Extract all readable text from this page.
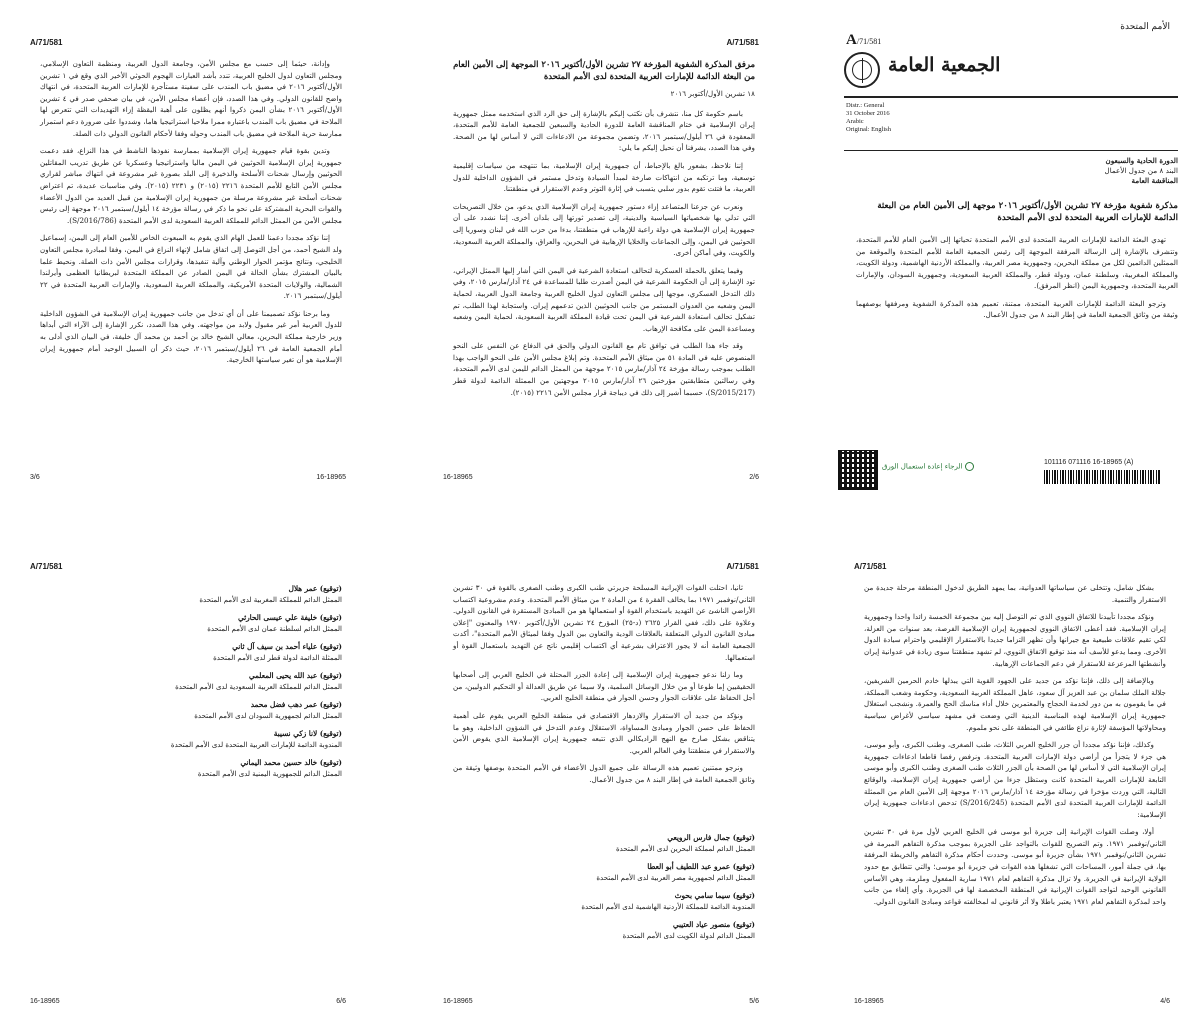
A/71/581

وإدانة، حيثما إلى حسب مع مجلس الأمن، وجامعة الدول العربية، ومنظمة التعاون الإسلامي، ومجلس التعاون لدول الخليج العربية، تندد بأشد العبارات الهجوم الحوثي الأخير الذي وقع في ١ تشرين الأول/أكتوبر ٢٠١٦ في مضيق باب المندب على سفينة مستأجرة للإمارات العربية المتحدة، في انتهاك واضح للقانون الدولي. وفي هذا الصدد، فإن أعضاء مجلس الأمن، في بيان صحفي صدر في ٤ تشرين الأول/أكتوبر ٢٠١٦ بشأن اليمن ذكروا أنهم يظلون على أهبة اليقظة إزاء التهديدات التي تتعرض لها الملاحة في مضيق باب المندب باعتباره ممرا ملاحيا استراتيجيا هاما، وشددوا على ضرورة دعم استمرار ممارسة حرية الملاحة في مضيق باب المندب وحوله وفقا لأحكام القانون الدولي ذات الصلة.

وتدين بقوة قيام جمهورية إيران الإسلامية بممارسة نفوذها الناشط في هذا النزاع، فقد دعمت جمهورية إيران الإسلامية الحوثيين في اليمن ماليا واستراتيجيا وعسكريا عن طريق تدريب المقاتلين الحوثيين وإرسال شحنات الأسلحة والذخيرة إلى البلد بصورة غير مشروعة في انتهاك مباشر لقراري مجلس الأمن التابع للأمم المتحدة ٢٢١٦ (٢٠١٥) و ٢٢٣١ (٢٠١٥). وفي مناسبات عديدة، تم اعتراض شحنات أسلحة غير مشروعة مرسلة من جمهورية إيران الإسلامية من قبيل العديد من الدول الأعضاء والقوات البحرية المشتركة على نحو ما ذكر في رسالة مؤرخة ١٤ أيلول/سبتمبر ٢٠١٦ موجهة إلى رئيس مجلس الأمن من الممثل الدائم للمملكة العربية السعودية لدى الأمم المتحدة (S/2016/786).

إننا نؤكد مجددا دعمنا للعمل الهام الذي يقوم به المبعوث الخاص للأمين العام إلى اليمن، إسماعيل ولد الشيخ أحمد، من أجل التوصل إلى اتفاق شامل لإنهاء النزاع في اليمن، وفقا لمبادرة مجلس التعاون الخليجي، ونتائج مؤتمر الحوار الوطني وآلية تنفيذها، وقرارات مجلس الأمن ذات الصلة. ونحيط علما بالبيان المشترك بشأن الحالة في اليمن الصادر عن المملكة المتحدة لبريطانيا العظمى وأيرلندا الشمالية، والولايات المتحدة الأمريكية، والمملكة العربية السعودية، والإمارات العربية المتحدة في ٢٢ أيلول/سبتمبر ٢٠١٦.

وما برحنا نؤكد تصميمنا على أن أي تدخل من جانب جمهورية إيران الإسلامية في الشؤون الداخلية للدول العربية أمر غير مقبول ولابد من مواجهته. وفي هذا الصدد، نكرر الإشارة إلى الآراء التي أبداها وزير خارجية مملكة البحرين، معالي الشيخ خالد بن أحمد بن محمد آل خليفة، في البيان الذي أدلى به أمام الجمعية العامة في ٢٦ أيلول/سبتمبر ٢٠١٦، حيث ذكر أن السبيل الوحيد أمام جمهورية إيران الإسلامية هو أن تغير سياستها الخارجية.

3/6	16-18965
A/71/581
مرفق المذكرة الشفوية المؤرخة ٢٧ تشرين الأول/أكتوبر ٢٠١٦ الموجهة إلى الأمين العام من البعثة الدائمة للإمارات العربية المتحدة لدى الأمم المتحدة
١٨ تشرين الأول/أكتوبر ٢٠١٦

باسم حكومة كل منا، نتشرف بأن نكتب إليكم بالإشارة إلى حق الرد الذي استخدمه ممثل جمهورية إيران الإسلامية في ختام المناقشة العامة للدورة الحادية والسبعين للجمعية العامة للأمم المتحدة، المعقودة في ٢٦ أيلول/سبتمبر ٢٠١٦، وتضمن مجموعة من الادعاءات التي لا أساس لها من الصحة. وفي هذا الصدد، يشرفنا أن نحيل إليكم ما يلي:

إننا نلاحظ، بشعور بالغ بالإحباط، أن جمهورية إيران الإسلامية، بما تنتهجه من سياسات إقليمية توسعية، وما ترتكبه من انتهاكات صارخة لمبدأ السيادة وتدخل مستمر في الشؤون الداخلية للدول العربية، ما فتئت تقوم بدور سلبي يتسبب في إثارة التوتر وعدم الاستقرار في منطقتنا.

ونعرب عن جزعنا المتصاعد إزاء دستور جمهورية إيران الإسلامية الذي يدعو، من خلال التصريحات التي تدلي بها شخصياتها السياسية والدينية، إلى تصدير ثورتها إلى بلدان أخرى. إننا نشدد على أن جمهورية إيران الإسلامية هي دولة راعية للإرهاب في منطقتنا، بدءا من حزب الله في لبنان وسوريا إلى الحوثيين في اليمن، وإلى الجماعات والخلايا الإرهابية في البحرين، والعراق، والمملكة العربية السعودية، والكويت، وفي أماكن أخرى.

وفيما يتعلق بالحملة العسكرية لتحالف استعادة الشرعية في اليمن التي أشار إليها الممثل الإيراني، تود الإشارة إلى أن الحكومة الشرعية في اليمن أصدرت طلبا للمساعدة في ٢٤ آذار/مارس ٢٠١٥، وفي ذلك التدخل العسكري، موجها إلى مجلس التعاون لدول الخليج العربية وجامعة الدول العربية، لحماية اليمن وشعبه من العدوان المستمر من جانب الحوثيين الذين تدعمهم إيران. واستجابة لهذا الطلب، تم تشكيل تحالف استعادة الشرعية في اليمن تحت قيادة المملكة العربية السعودية، لحماية اليمن وشعبه ومساعدة اليمن على مكافحة الإرهاب.

وقد جاء هذا الطلب في توافق تام مع القانون الدولي والحق في الدفاع عن النفس على النحو المنصوص عليه في المادة ٥١ من ميثاق الأمم المتحدة. وتم إبلاغ مجلس الأمن على النحو الواجب بهذا الطلب بموجب رسالة مؤرخة ٢٤ آذار/مارس ٢٠١٥ موجهة من الممثل الدائم لليمن لدى الأمم المتحدة، وفي رسالتين متطابقتين مؤرختين ٢٦ آذار/مارس ٢٠١٥ موجهتين من الممثلة الدائمة لدولة قطر (S/2015/217)، حسبما أشير إلى ذلك في ديباجة قرار مجلس الأمن ٢٢١٦ (٢٠١٥).

16-18965	2/6
الأمم المتحدة
A/71/581
الجمعية العامة
Distr.: General
31 October 2016
Arabic
Original: English
الدورة الحادية والسبعون
البند ٨ من جدول الأعمال
المناقشة العامة
مذكرة شفوية مؤرخة ٢٧ تشرين الأول/أكتوبر ٢٠١٦ موجهة إلى الأمين العام من البعثة الدائمة للإمارات العربية المتحدة لدى الأمم المتحدة

تهدي البعثة الدائمة للإمارات العربية المتحدة لدى الأمم المتحدة تحياتها إلى الأمين العام للأمم المتحدة، وتتشرف بالإشارة إلى الرسالة المرفقة الموجهة إلى رئيس الجمعية العامة للأمم المتحدة والموقعة من الممثلين الدائمين لكل من مملكة البحرين، وجمهورية مصر العربية، والمملكة الأردنية الهاشمية، ودولة الكويت، والمملكة المغربية، وسلطنة عمان، ودولة قطر، والمملكة العربية السعودية، وجمهورية السودان، والإمارات العربية المتحدة، وجمهورية اليمن (انظر المرفق).

وترجو البعثة الدائمة للإمارات العربية المتحدة، ممتنة، تعميم هذه المذكرة الشفوية ومرفقها بوصفهما وثيقة من وثائق الجمعية العامة في إطار البند ٨ من جدول الأعمال.

الرجاء إعادة استعمال الورق	101116 071116 16-18965 (A)
A/71/581
(توقيع) عمر هلال
الممثل الدائم للمملكة المغربية لدى الأمم المتحدة
(توقيع) خليفة علي عيسى الحارثي
الممثل الدائم لسلطنة عمان لدى الأمم المتحدة
(توقيع) علياء أحمد بن سيف آل ثاني
الممثلة الدائمة لدولة قطر لدى الأمم المتحدة
(توقيع) عبد الله يحيى المعلمي
الممثل الدائم للمملكة العربية السعودية لدى الأمم المتحدة
(توقيع) عمر دهب فضل محمد
الممثل الدائم لجمهورية السودان لدى الأمم المتحدة
(توقيع) لانا زكي نسيبة
المندوبة الدائمة للإمارات العربية المتحدة لدى الأمم المتحدة
(توقيع) خالد حسين محمد اليماني
الممثل الدائم للجمهورية اليمنية لدى الأمم المتحدة
16-18965	6/6
A/71/581

ثانيا، احتلت القوات الإيرانية المسلحة جزيرتي طنب الكبرى وطنب الصغرى بالقوة في ٣٠ تشرين الثاني/نوفمبر ١٩٧١ بما يخالف الفقرة ٤ من المادة ٢ من ميثاق الأمم المتحدة. وعدم مشروعية اكتساب الأراضي الناشئ عن التهديد باستخدام القوة أو استعمالها هو من المبادئ المستقرة في القانون الدولي. وعلاوة على ذلك، ففي القرار ٢٦٢٥ (د-٢٥) المؤرخ ٢٤ تشرين الأول/أكتوبر ١٩٧٠ والمعنون "إعلان مبادئ القانون الدولي المتعلقة بالعلاقات الودية والتعاون بين الدول وفقا لميثاق الأمم المتحدة"، أكدت الجمعية العامة أنه لا يجوز الاعتراف بشرعية أي اكتساب إقليمي ناتج عن التهديد باستعمال القوة أو استعمالها.

وما زلنا ندعو جمهورية إيران الإسلامية إلى إعادة الجزر المحتلة في الخليج العربي إلى أصحابها الحقيقيين إما طوعا أو من خلال الوسائل السلمية، ولا سيما عن طريق العدالة أو التحكيم الدوليين، من أجل الحفاظ على علاقات الجوار وحسن الجوار في منطقة الخليج العربي.

ونؤكد من جديد أن الاستقرار والازدهار الاقتصادي في منطقة الخليج العربي يقوم على أهمية الحفاظ على حسن الجوار ومبادئ المساواة، الاستقلال وعدم التدخل في الشؤون الداخلية، وهو ما يتناقض بشكل صارخ مع النهج الراديكالي الذي تتبعه جمهورية إيران الإسلامية الذي يقوض الأمن والاستقرار في منطقتنا وفي العالم العربي.

ونرجو ممتنين تعميم هذه الرسالة على جميع الدول الأعضاء في الأمم المتحدة بوصفها وثيقة من وثائق الجمعية العامة في إطار البند ٨ من جدول الأعمال.

(توقيع) جمال فارس الرويعي
الممثل الدائم لمملكة البحرين لدى الأمم المتحدة
(توقيع) عمرو عبد اللطيف أبو العطا
الممثل الدائم لجمهورية مصر العربية لدى الأمم المتحدة
(توقيع) سيما سامي بحوث
المندوبة الدائمة للمملكة الأردنية الهاشمية لدى الأمم المتحدة
(توقيع) منصور عياد العتيبي
الممثل الدائم لدولة الكويت لدى الأمم المتحدة
16-18965	5/6
A/71/581

بشكل شامل، وتتخلى عن سياساتها العدوانية، بما يمهد الطريق لدخول المنطقة مرحلة جديدة من الاستقرار والتنمية.

ونؤكد مجددا تأييدنا للاتفاق النووي الذي تم التوصل إليه بين مجموعة الخمسة زائدا واحدا وجمهورية إيران الإسلامية. فقد أعطى الاتفاق النووي لجمهورية إيران الإسلامية الفرصة، بعد سنوات من العزلة، لكي تقيم علاقات طبيعية مع جيرانها وأن تظهر التزاما جديدا بالاستقرار الإقليمي واحترام سيادة الدول الأخرى. ومما يدعو للأسف أنه منذ توقيع الاتفاق النووي، لم تشهد منطقتنا سوى زيادة في عدوانية إيران وأنشطتها المزعزعة للاستقرار في دعم الجماعات الإرهابية.

وبالإضافة إلى ذلك، فإننا نؤكد من جديد على الجهود القوية التي يبذلها خادم الحرمين الشريفين، جلالة الملك سلمان بن عبد العزيز آل سعود، عاهل المملكة العربية السعودية، وحكومة وشعب المملكة، في ما يقومون به من دور لخدمة الحجاج والمعتمرين خلال أداء مناسك الحج والعمرة. ونشجب استغلال جمهورية إيران الإسلامية لهذه المناسبة الدينية التي وضعت في مشهد سياسي لأغراض سياسية ومحاولاتها المؤسفة لإثارة نزاع طائفي في المنطقة على نحو ملموم.

وكذلك، فإننا نؤكد مجددا أن جزر الخليج العربي الثلاث، طنب الصغرى، وطنب الكبرى، وأبو موسى، هي جزء لا يتجزأ من أراضي دولة الإمارات العربية المتحدة. ونرفض رفضا قاطعا ادعاءات جمهورية إيران الإسلامية التي لا أساس لها من الصحة بأن الجزر الثلاث طنب الصغرى وطنب الكبرى وأبو موسى التابعة للإمارات العربية المتحدة كانت وستظل جزءا من أراضي جمهورية إيران الإسلامية، والوقائع التالية، التي وردت مؤخرا في رسالة مؤرخة ١٤ آذار/مارس ٢٠١٦ موجهة إلى الأمين العام من الممثلة الدائمة للإمارات العربية المتحدة لدى الأمم المتحدة (S/2016/245) تدحض ادعاءات جمهورية إيران الإسلامية:

أولا، وصلت القوات الإيرانية إلى جزيرة أبو موسى في الخليج العربي لأول مرة في ٣٠ تشرين الثاني/نوفمبر ١٩٧١. وتم التصريح للقوات بالتواجد على الجزيرة بموجب مذكرة التفاهم المبرمة في تشرين الثاني/نوفمبر ١٩٧١ بشأن جزيرة أبو موسى. وحددت أحكام مذكرة التفاهم والخريطة المرفقة بها، في جملة أمور، المساحات التي تشغلها هذه القوات في جزيرة أبو موسى؛ والتي تتطابق مع حدود الولاية الإيرانية في الجزيرة. ولا تزال مذكرة التفاهم لعام ١٩٧١ سارية المفعول وملزمة، وهي الأساس القانوني الوحيد لتواجد القوات الإيرانية في المنطقة المخصصة لها في الجزيرة. وأي إلغاء من جانب واحد لمذكرة التفاهم لعام ١٩٧١ يعتبر باطلا ولا أثر قانوني له لمخالفته قواعد ومبادئ القانون الدولي.

16-18965	4/6
